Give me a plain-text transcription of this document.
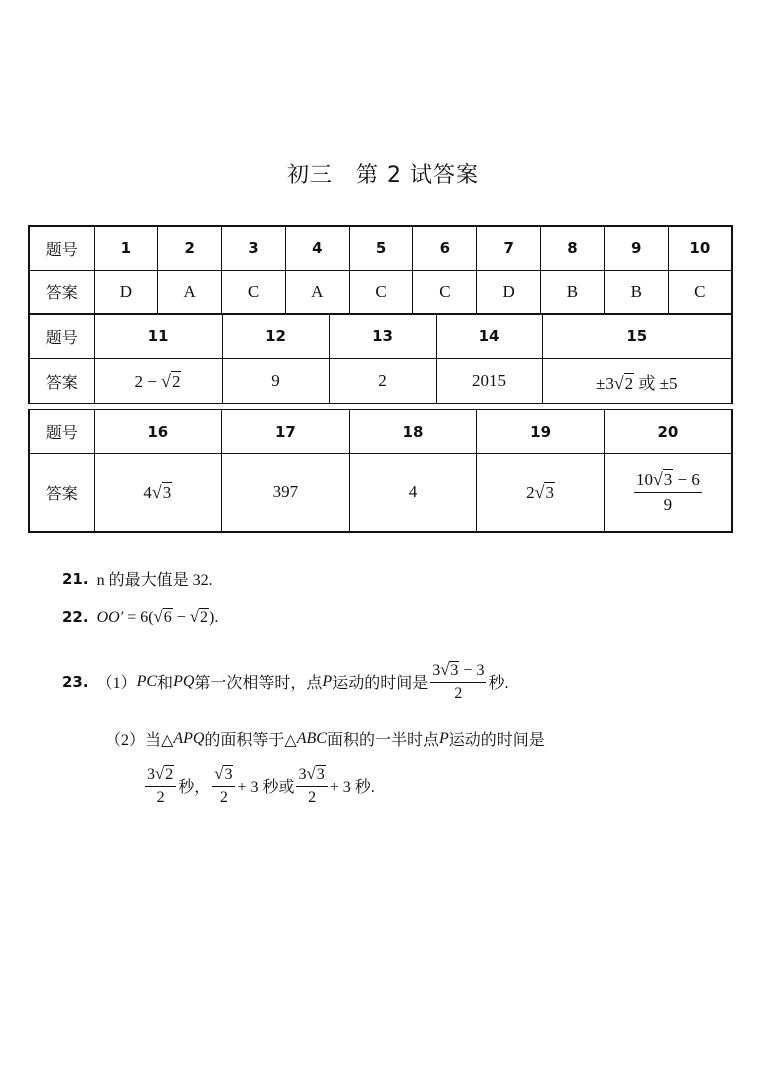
初三　第 2 试答案
题号	1	2	3	4	5	6	7	8	9	10
答案	D	A	C	A	C	C	D	B	B	C
题号	11	12	13	14	15
答案	2 − √2	9	2	2015	±3√2 或 ±5
题号	16	17	18	19	20
答案	4√3	397	4	2√3	$\frac{10√3 - 6}{9}$
21. n 的最大值是 32.
22. OO′ = 6(√6 − √2).
23. （1） PC 和 PQ 第一次相等时，点 P 运动的时间是 $\frac{3√3 - 3}{2}$ 秒.
（2）当△ APQ 的面积等于△ ABC 面积的一半时点 P 运动的时间是
$\frac{3√2}{2}$ 秒， $\frac{√3}{2} + 3$ 秒或 $\frac{3√3}{2} + 3$ 秒.
